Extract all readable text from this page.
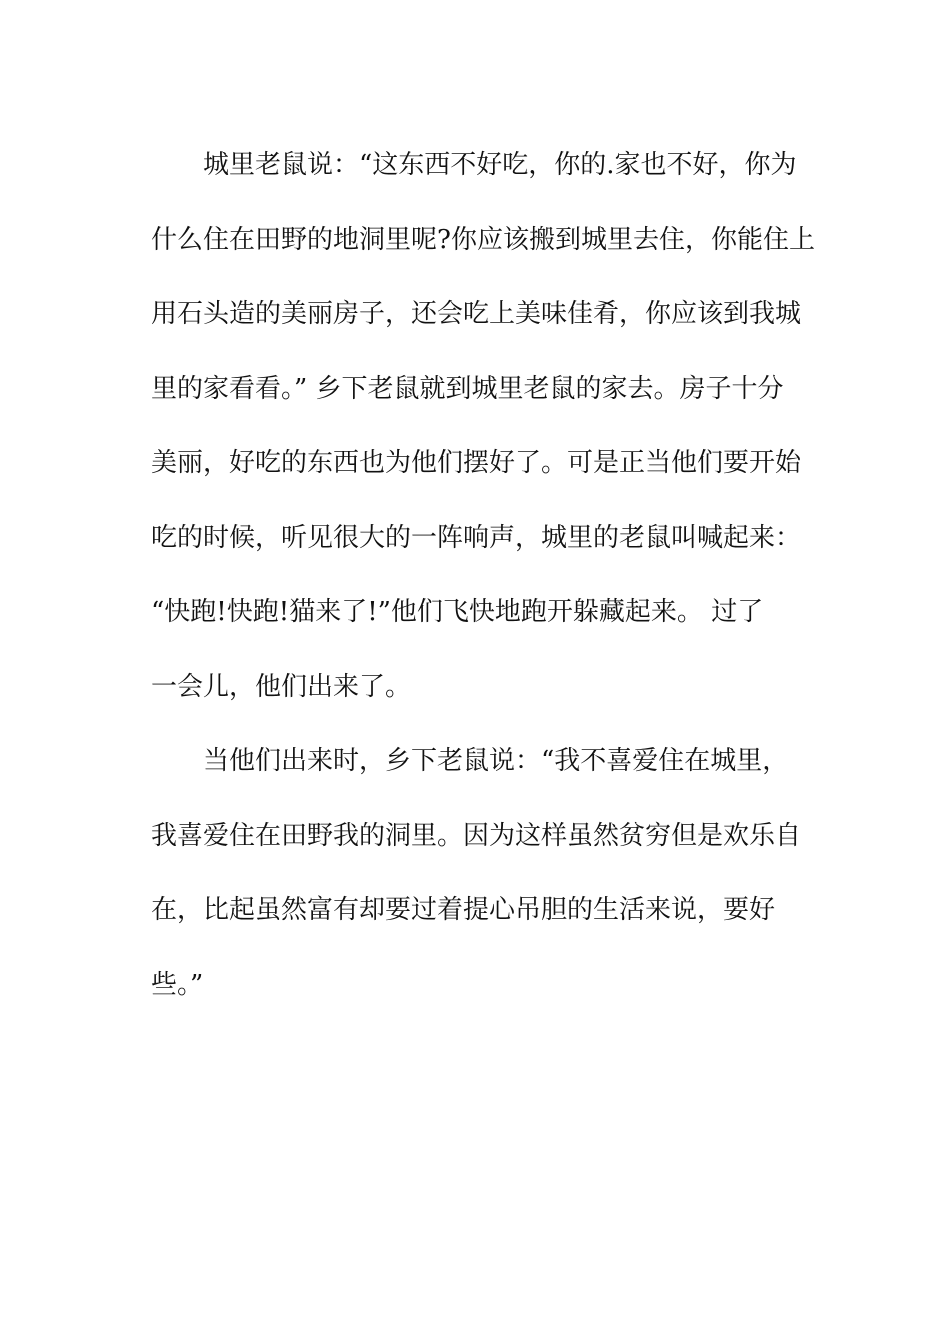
城里老鼠说：“这东西不好吃，你的.家也不好，你为
什么住在田野的地洞里呢?你应该搬到城里去住，你能住上
用石头造的美丽房子，还会吃上美味佳肴，你应该到我城
里的家看看。” 乡下老鼠就到城里老鼠的家去。房子十分
美丽，好吃的东西也为他们摆好了。可是正当他们要开始
吃的时候，听见很大的一阵响声，城里的老鼠叫喊起来：
“快跑!快跑!猫来了!”他们飞快地跑开躲藏起来。 过了
一会儿，他们出来了。
当他们出来时，乡下老鼠说：“我不喜爱住在城里，
我喜爱住在田野我的洞里。因为这样虽然贫穷但是欢乐自
在，比起虽然富有却要过着提心吊胆的生活来说，要好
些。”
